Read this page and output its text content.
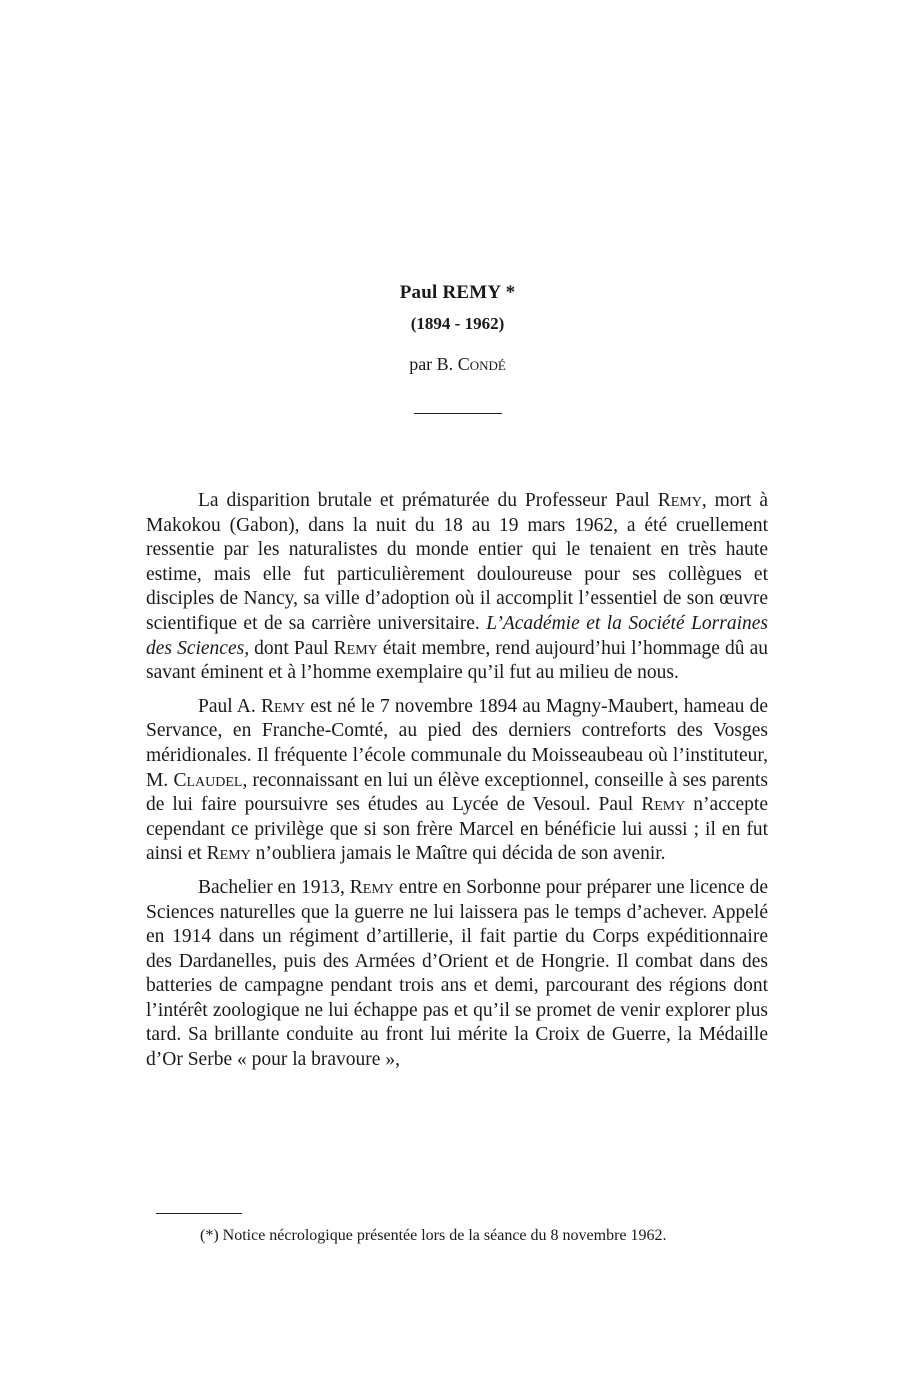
Paul REMY *
(1894 - 1962)
par B. Condé

La disparition brutale et prématurée du Professeur Paul Remy, mort à Makokou (Gabon), dans la nuit du 18 au 19 mars 1962, a été cruellement ressentie par les naturalistes du monde entier qui le tenaient en très haute estime, mais elle fut particulièrement douloureuse pour ses collègues et disciples de Nancy, sa ville d’adoption où il accomplit l’essentiel de son œuvre scientifique et de sa carrière universitaire. L’Académie et la Société Lorraines des Sciences, dont Paul Remy était membre, rend aujourd’hui l’hommage dû au savant éminent et à l’homme exemplaire qu’il fut au milieu de nous.

Paul A. Remy est né le 7 novembre 1894 au Magny-Maubert, hameau de Servance, en Franche-Comté, au pied des derniers contreforts des Vosges méridionales. Il fréquente l’école communale du Moisseaubeau où l’instituteur, M. Claudel, reconnaissant en lui un élève exceptionnel, conseille à ses parents de lui faire poursuivre ses études au Lycée de Vesoul. Paul Remy n’accepte cependant ce privilège que si son frère Marcel en bénéficie lui aussi ; il en fut ainsi et Remy n’oubliera jamais le Maître qui décida de son avenir.

Bachelier en 1913, Remy entre en Sorbonne pour préparer une licence de Sciences naturelles que la guerre ne lui laissera pas le temps d’achever. Appelé en 1914 dans un régiment d’artillerie, il fait partie du Corps expéditionnaire des Dardanelles, puis des Armées d’Orient et de Hongrie. Il combat dans des batteries de campagne pendant trois ans et demi, parcourant des régions dont l’intérêt zoologique ne lui échappe pas et qu’il se promet de venir explorer plus tard. Sa brillante conduite au front lui mérite la Croix de Guerre, la Médaille d’Or Serbe « pour la bravoure »,

(*) Notice nécrologique présentée lors de la séance du 8 novembre 1962.
